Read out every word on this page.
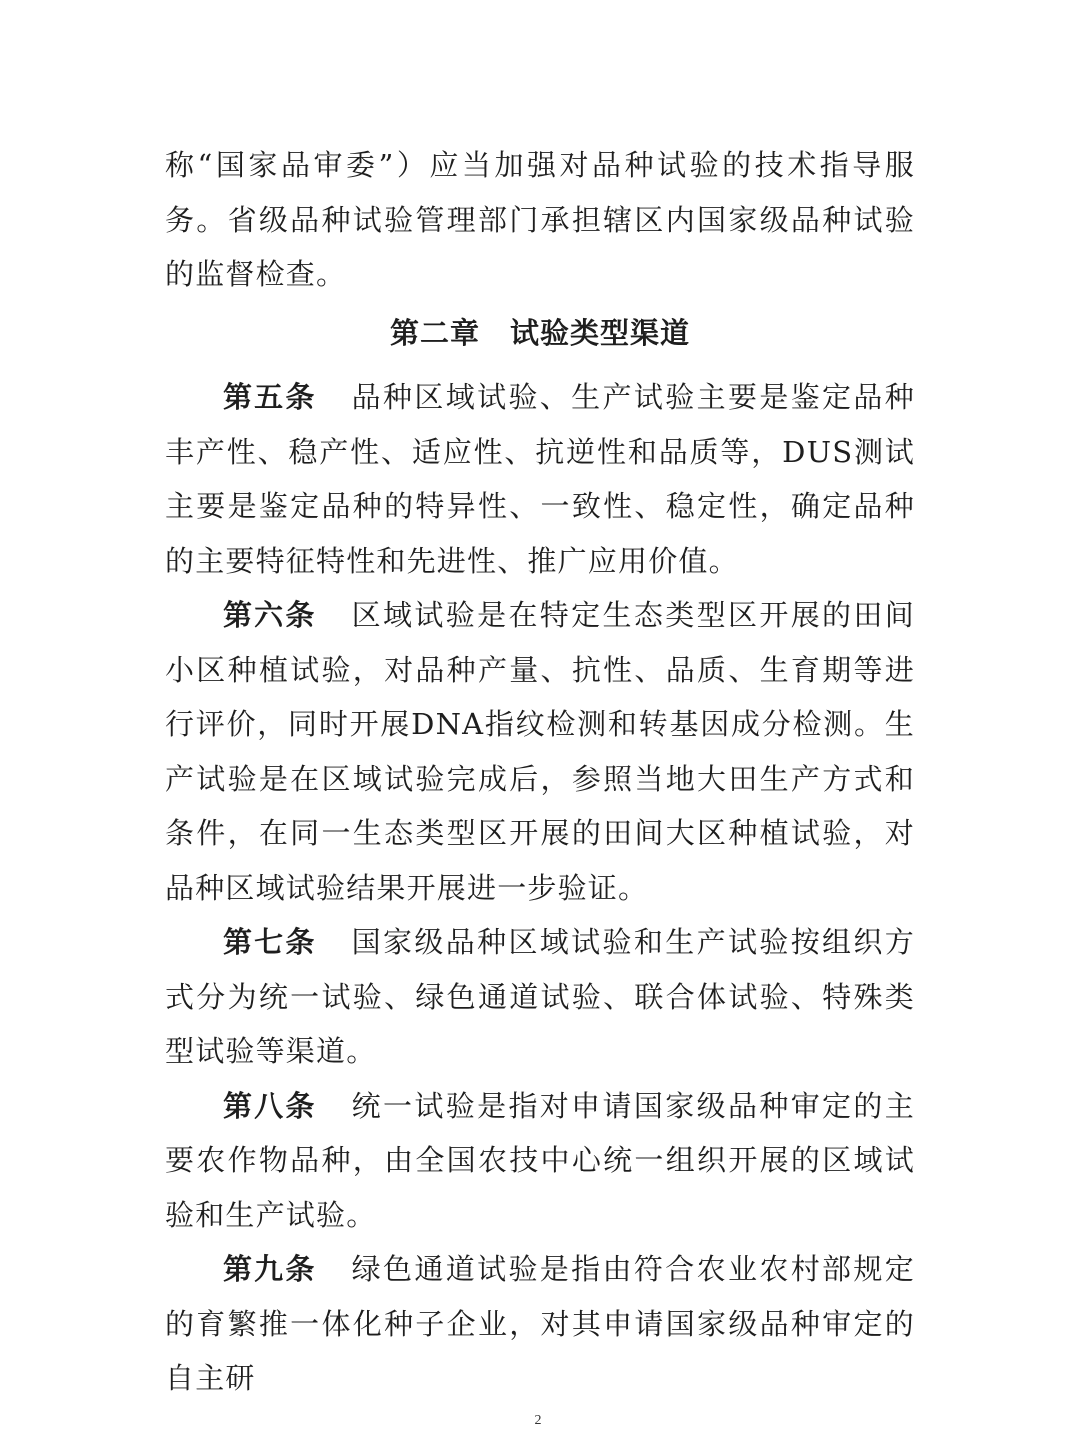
称“国家品审委”）应当加强对品种试验的技术指导服务。省级品种试验管理部门承担辖区内国家级品种试验的监督检查。

第二章 试验类型渠道

第五条 品种区域试验、生产试验主要是鉴定品种丰产性、稳产性、适应性、抗逆性和品质等，DUS测试主要是鉴定品种的特异性、一致性、稳定性，确定品种的主要特征特性和先进性、推广应用价值。

第六条 区域试验是在特定生态类型区开展的田间小区种植试验，对品种产量、抗性、品质、生育期等进行评价，同时开展DNA指纹检测和转基因成分检测。生产试验是在区域试验完成后，参照当地大田生产方式和条件，在同一生态类型区开展的田间大区种植试验，对品种区域试验结果开展进一步验证。

第七条 国家级品种区域试验和生产试验按组织方式分为统一试验、绿色通道试验、联合体试验、特殊类型试验等渠道。

第八条 统一试验是指对申请国家级品种审定的主要农作物品种，由全国农技中心统一组织开展的区域试验和生产试验。

第九条 绿色通道试验是指由符合农业农村部规定的育繁推一体化种子企业，对其申请国家级品种审定的自主研

2
